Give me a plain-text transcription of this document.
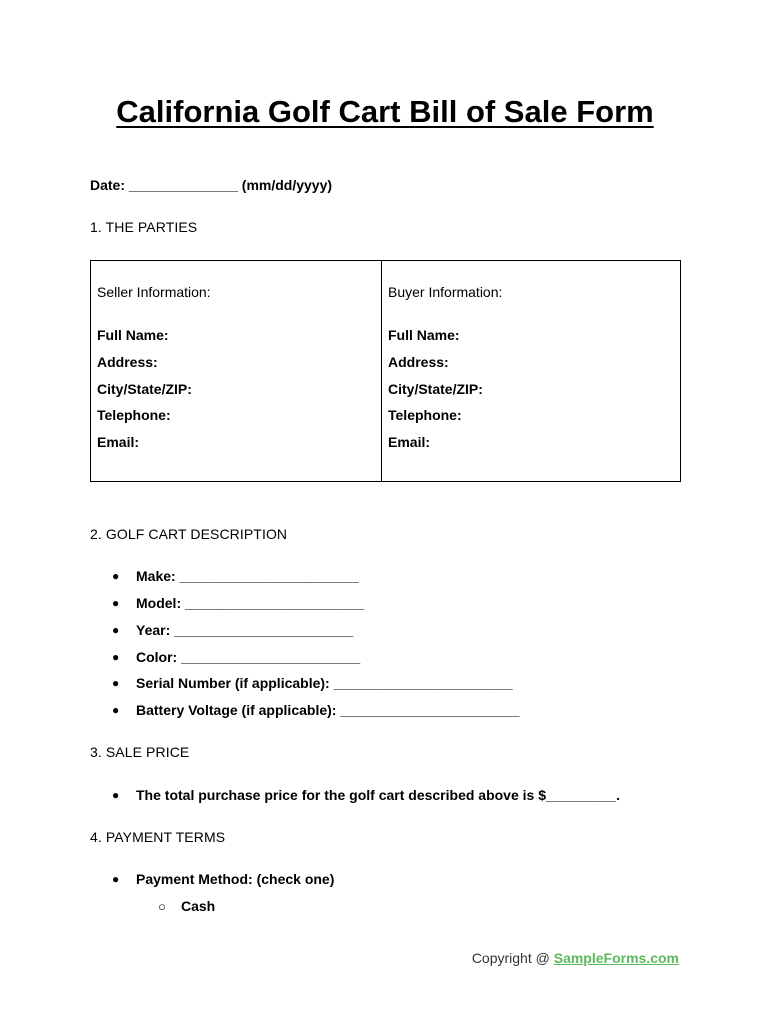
California Golf Cart Bill of Sale Form
Date: ______________ (mm/dd/yyyy)
1. THE PARTIES
Seller Information:
Full Name:
Address:
City/State/ZIP:
Telephone:
Email:
Buyer Information:
Full Name:
Address:
City/State/ZIP:
Telephone:
Email:
2. GOLF CART DESCRIPTION
●	Make: _______________________
●	Model: _______________________
●	Year: _______________________
●	Color: _______________________
●	Serial Number (if applicable): _______________________
●	Battery Voltage (if applicable): _______________________
3. SALE PRICE
●	The total purchase price for the golf cart described above is $_________.
4. PAYMENT TERMS
●	Payment Method: (check one)
○	Cash
Copyright @ SampleForms.com
